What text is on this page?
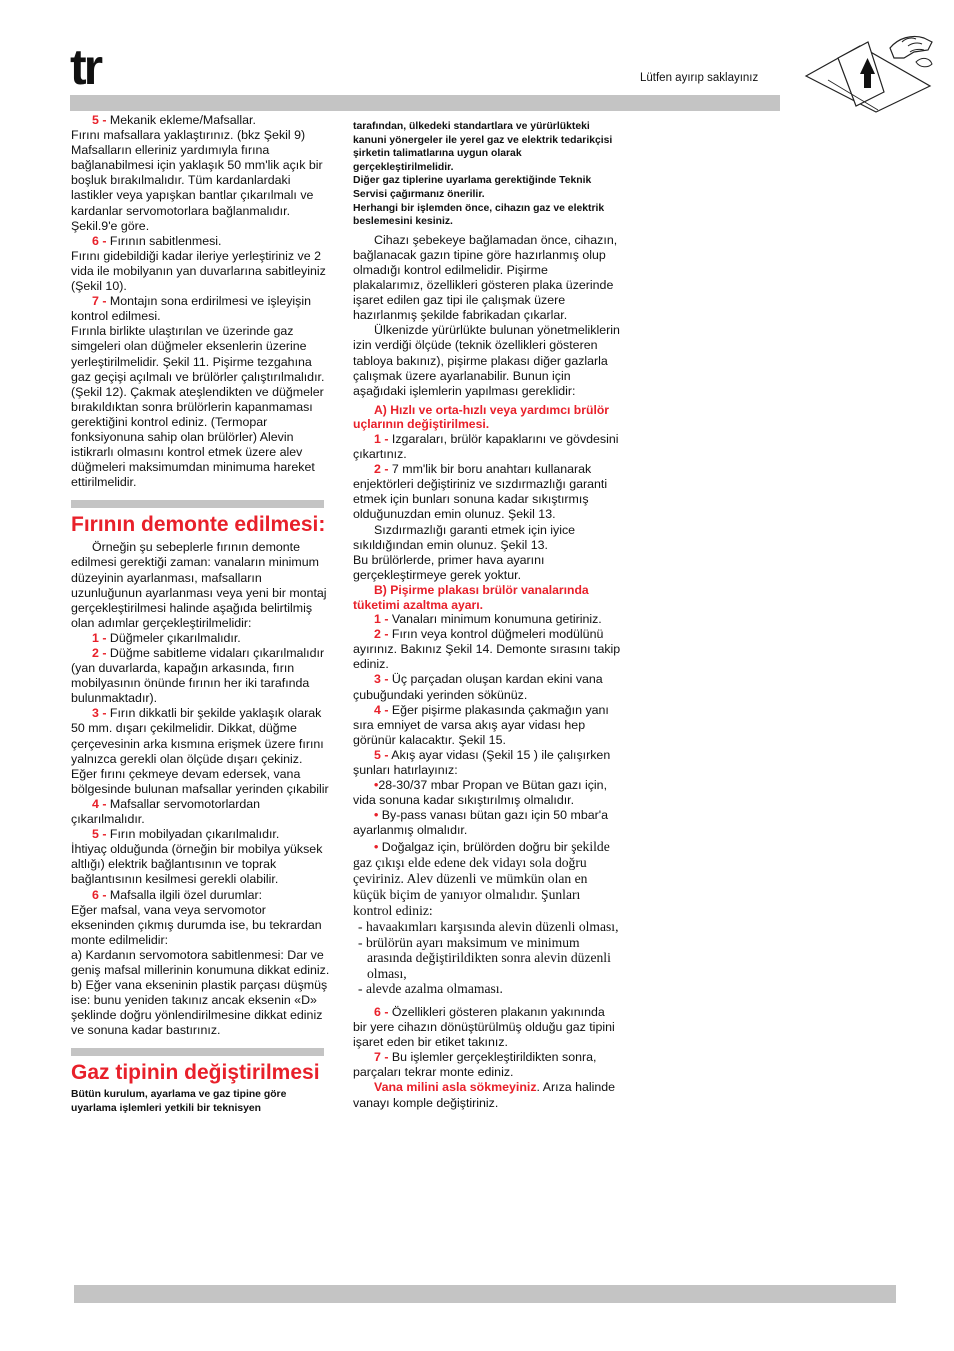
tr	Lütfen ayırıp saklayınız

5 - Mekanik ekleme/Mafsallar.

Fırını mafsallara yaklaştırınız. (bkz Şekil 9) Mafsalların elleriniz yardımıyla fırına bağlanabilmesi için yaklaşık 50 mm'lik açık bir boşluk bırakılmalıdır. Tüm kardanlardaki lastikler veya yapışkan bantlar çıkarılmalı ve kardanlar servomotorlara bağlanmalıdır. Şekil.9'e göre.

6 - Fırının sabitlenmesi.

Fırını gidebildiği kadar ileriye yerleştiriniz ve 2 vida ile mobilyanın yan duvarlarına sabitleyiniz (Şekil 10).

7 - Montajın sona erdirilmesi ve işleyişin kontrol edilmesi.

Fırınla birlikte ulaştırılan ve üzerinde gaz simgeleri olan düğmeler eksenlerin üzerine yerleştirilmelidir. Şekil 11. Pişirme tezgahına gaz geçişi açılmalı ve brülörler çalıştırılmalıdır. (Şekil 12). Çakmak ateşlendikten ve düğmeler bırakıldıktan sonra brülörlerin kapanmaması gerektiğini kontrol ediniz. (Termopar fonksiyonuna sahip olan brülörler) Alevin istikrarlı olmasını kontrol etmek üzere alev düğmeleri maksimumdan minimuma hareket ettirilmelidir.

Fırının demonte edilmesi:

Örneğin şu sebeplerle fırının demonte edilmesi gerektiği zaman: vanaların minimum düzeyinin ayarlanması, mafsalların uzunluğunun ayarlanması veya yeni bir montaj gerçekleştirilmesi halinde aşağıda belirtilmiş olan adımlar gerçekleştirilmelidir:

1 - Düğmeler çıkarılmalıdır.

2 - Düğme sabitleme vidaları çıkarılmalıdır (yan duvarlarda, kapağın arkasında, fırın mobilyasının önünde fırının her iki tarafında bulunmaktadır).

3 - Fırın dikkatli bir şekilde yaklaşık olarak 50 mm. dışarı çekilmelidir. Dikkat, düğme çerçevesinin arka kısmına erişmek üzere fırını yalnızca gerekli olan ölçüde dışarı çekiniz. Eğer fırını çekmeye devam edersek, vana bölgesinde bulunan mafsallar yerinden çıkabilir

4 - Mafsallar servomotorlardan çıkarılmalıdır.

5 - Fırın mobilyadan çıkarılmalıdır.

İhtiyaç olduğunda (örneğin bir mobilya yüksek altlığı) elektrik bağlantısının ve toprak bağlantısının kesilmesi gerekli olabilir.

6 - Mafsalla ilgili özel durumlar:

Eğer mafsal, vana veya servomotor ekseninden çıkmış durumda ise, bu tekrardan monte edilmelidir:

a) Kardanın servomotora sabitlenmesi: Dar ve geniş mafsal millerinin konumuna dikkat ediniz.

b) Eğer vana ekseninin plastik parçası düşmüş ise: bunu yeniden takınız ancak eksenin «D» şeklinde doğru yönlendirilmesine dikkat ediniz ve sonuna kadar bastırınız.

Gaz tipinin değiştirilmesi

Bütün kurulum, ayarlama ve gaz tipine göre uyarlama işlemleri yetkili bir teknisyen

tarafından, ülkedeki standartlara ve yürürlükteki kanuni yönergeler ile yerel gaz ve elektrik tedarikçisi şirketin talimatlarına uygun olarak gerçekleştirilmelidir.

Diğer gaz tiplerine uyarlama gerektiğinde Teknik Servisi çağırmanız önerilir.

Herhangi bir işlemden önce, cihazın gaz ve elektrik beslemesini kesiniz.

Cihazı şebekeye bağlamadan önce, cihazın, bağlanacak gazın tipine göre hazırlanmış olup olmadığı kontrol edilmelidir. Pişirme plakalarımız, özellikleri gösteren plaka üzerinde işaret edilen gaz tipi ile çalışmak üzere hazırlanmış şekilde fabrikadan çıkarlar.

Ülkenizde yürürlükte bulunan yönetmeliklerin izin verdiği ölçüde (teknik özellikleri gösteren tabloya bakınız), pişirme plakası diğer gazlarla çalışmak üzere ayarlanabilir. Bunun için aşağıdaki işlemlerin yapılması gereklidir:

A) Hızlı ve orta-hızlı veya yardımcı brülör uçlarının değiştirilmesi.

1 - Izgaraları, brülör kapaklarını ve gövdesini çıkartınız.

2 - 7 mm'lik bir boru anahtarı kullanarak enjektörleri değiştiriniz ve sızdırmazlığı garanti etmek için bunları sonuna kadar sıkıştırmış olduğunuzdan emin olunuz. Şekil 13.

Sızdırmazlığı garanti etmek için iyice sıkıldığından emin olunuz. Şekil 13.

Bu brülörlerde, primer hava ayarını gerçekleştirmeye gerek yoktur.

B) Pişirme plakası brülör vanalarında tüketimi azaltma ayarı.

1 - Vanaları minimum konumuna getiriniz.

2 - Fırın veya kontrol düğmeleri modülünü ayırınız. Bakınız Şekil 14. Demonte sırasını takip ediniz.

3 - Üç parçadan oluşan kardan ekini vana çubuğundaki yerinden sökünüz.

4 - Eğer pişirme plakasında çakmağın yanı sıra emniyet de varsa akış ayar vidası hep görünür kalacaktır. Şekil 15.

5 - Akış ayar vidası (Şekil 15 ) ile çalışırken şunları hatırlayınız:

•28-30/37 mbar Propan ve Bütan gazı için, vida sonuna kadar sıkıştırılmış olmalıdır.

• By-pass vanası bütan gazı için 50 mbar'a ayarlanmış olmalıdır.

• Doğalgaz için, brülörden doğru bir şekilde gaz çıkışı elde edene dek vidayı sola doğru çeviriniz. Alev düzenli ve mümkün olan en küçük biçim de yanıyor olmalıdır. Şunları kontrol ediniz:

- havaakımları karşısında alevin düzenli olması,

- brülörün ayarı maksimum ve minimum arasında değiştirildikten sonra alevin düzenli olması,

- alevde azalma olmaması.

6 - Özellikleri gösteren plakanın yakınında bir yere cihazın dönüştürülmüş olduğu gaz tipini işaret eden bir etiket takınız.

7 - Bu işlemler gerçekleştirildikten sonra, parçaları tekrar monte ediniz.

Vana milini asla sökmeyiniz. Arıza halinde vanayı komple değiştiriniz.
